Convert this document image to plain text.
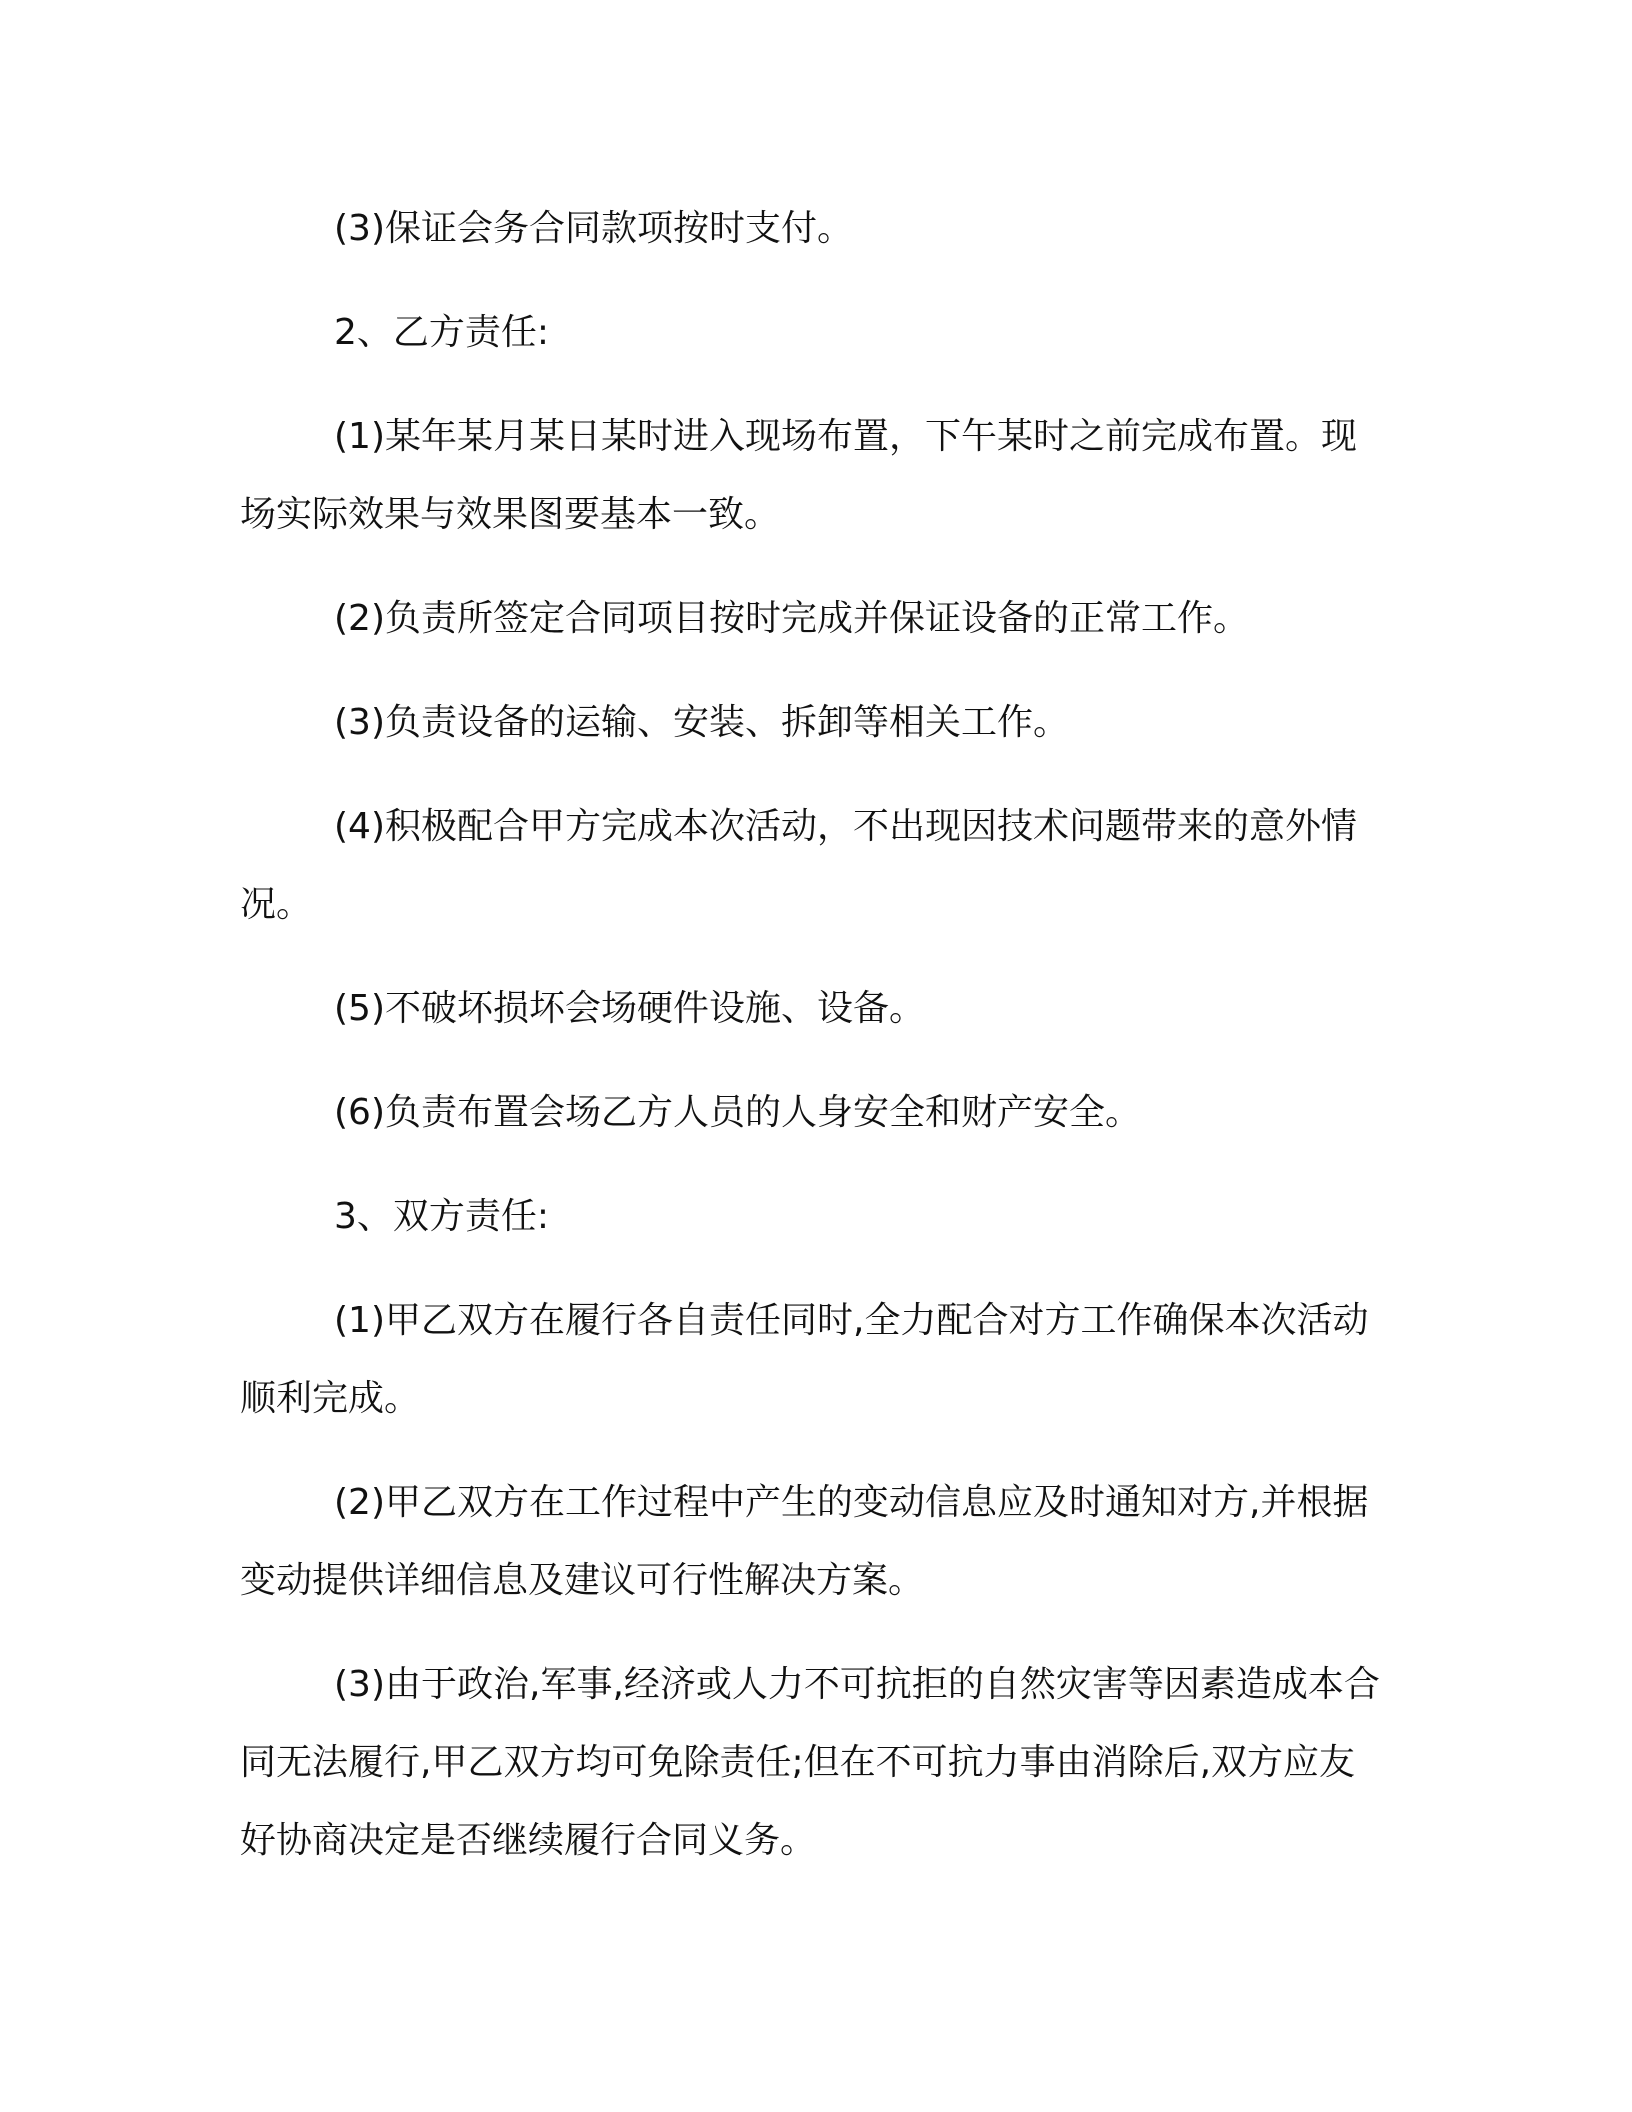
(3)保证会务合同款项按时支付。

2、乙方责任:

(1)某年某月某日某时进入现场布置，下午某时之前完成布置。现场实际效果与效果图要基本一致。

(2)负责所签定合同项目按时完成并保证设备的正常工作。

(3)负责设备的运输、安装、拆卸等相关工作。

(4)积极配合甲方完成本次活动，不出现因技术问题带来的意外情况。

(5)不破坏损坏会场硬件设施、设备。

(6)负责布置会场乙方人员的人身安全和财产安全。

3、双方责任:

(1)甲乙双方在履行各自责任同时,全力配合对方工作确保本次活动顺利完成。

(2)甲乙双方在工作过程中产生的变动信息应及时通知对方,并根据变动提供详细信息及建议可行性解决方案。

(3)由于政治,军事,经济或人力不可抗拒的自然灾害等因素造成本合同无法履行,甲乙双方均可免除责任;但在不可抗力事由消除后,双方应友好协商决定是否继续履行合同义务。
